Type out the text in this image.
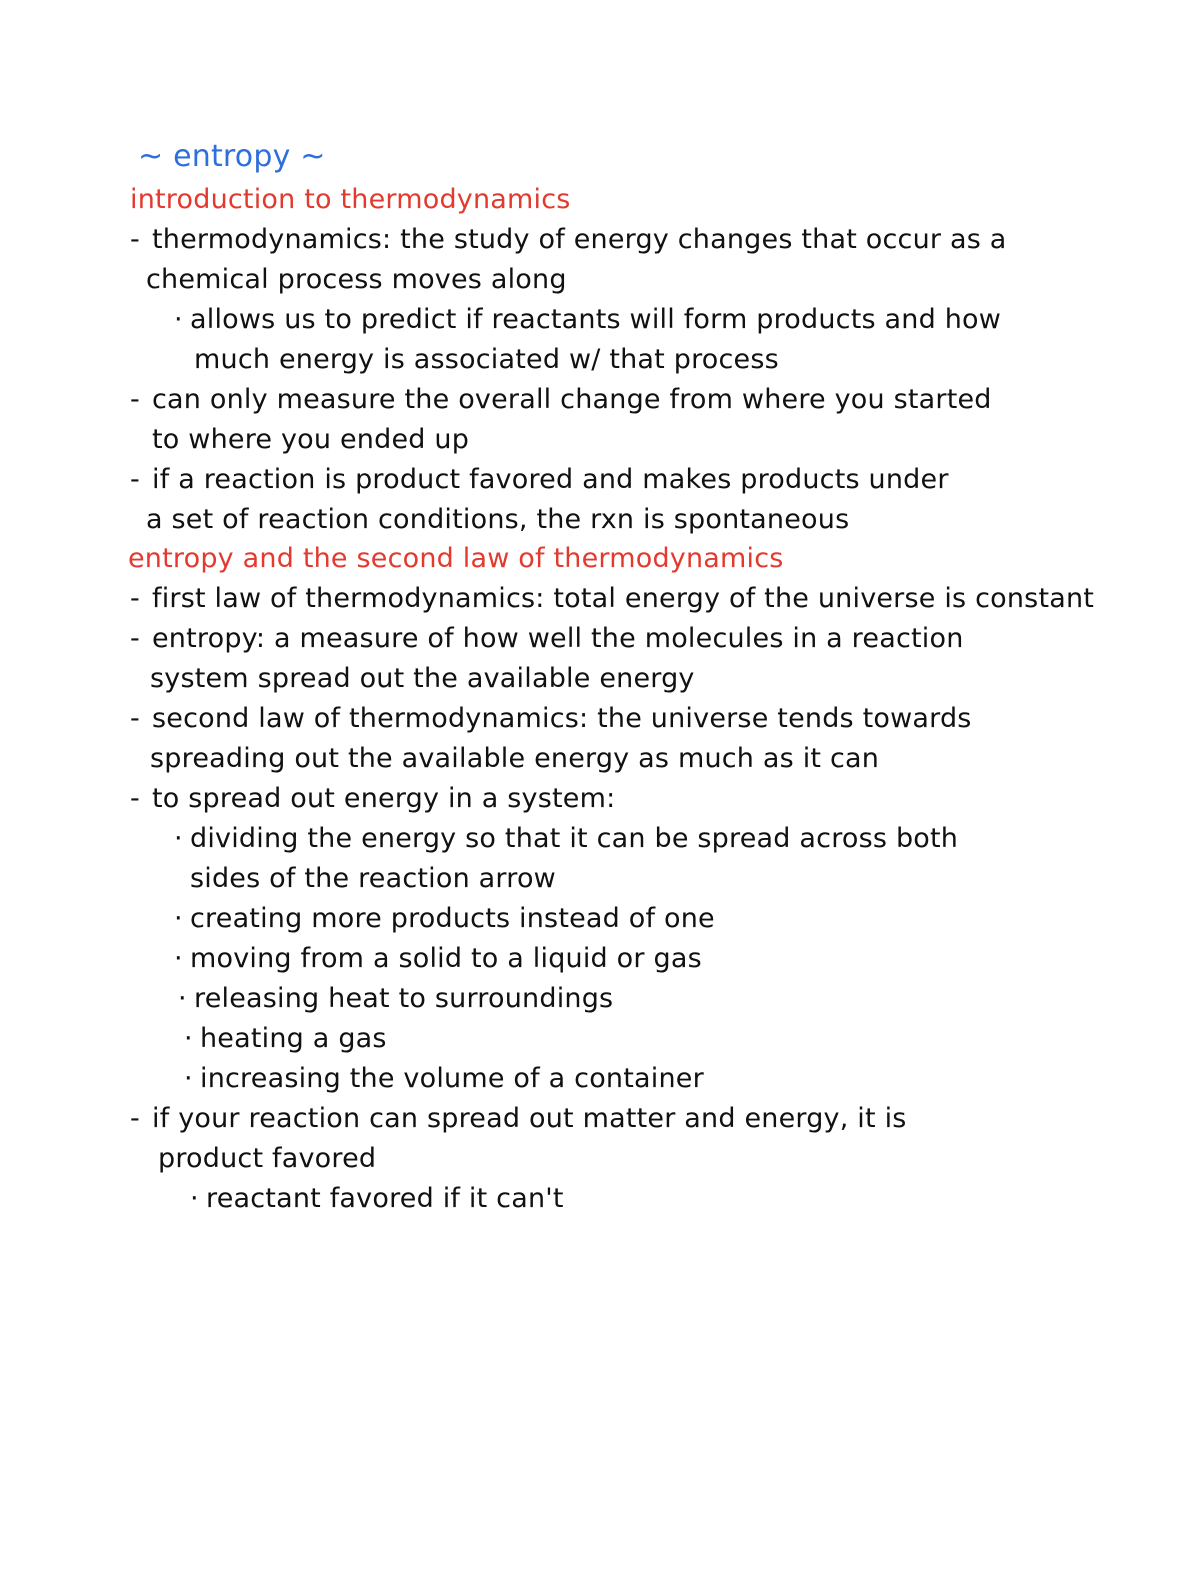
~ entropy ~
introduction to thermodynamics
- thermodynamics: the study of energy changes that occur as a
chemical process moves along
· allows us to predict if reactants will form products and how
much energy is associated w/ that process
- can only measure the overall change from where you started
to where you ended up
- if a reaction is product favored and makes products under
a set of reaction conditions, the rxn is spontaneous
entropy and the second law of thermodynamics
- first law of thermodynamics: total energy of the universe is constant
- entropy: a measure of how well the molecules in a reaction
system spread out the available energy
- second law of thermodynamics: the universe tends towards
spreading out the available energy as much as it can
- to spread out energy in a system:
· dividing the energy so that it can be spread across both
sides of the reaction arrow
· creating more products instead of one
· moving from a solid to a liquid or gas
· releasing heat to surroundings
· heating a gas
· increasing the volume of a container
- if your reaction can spread out matter and energy, it is
product favored
· reactant favored if it can't
